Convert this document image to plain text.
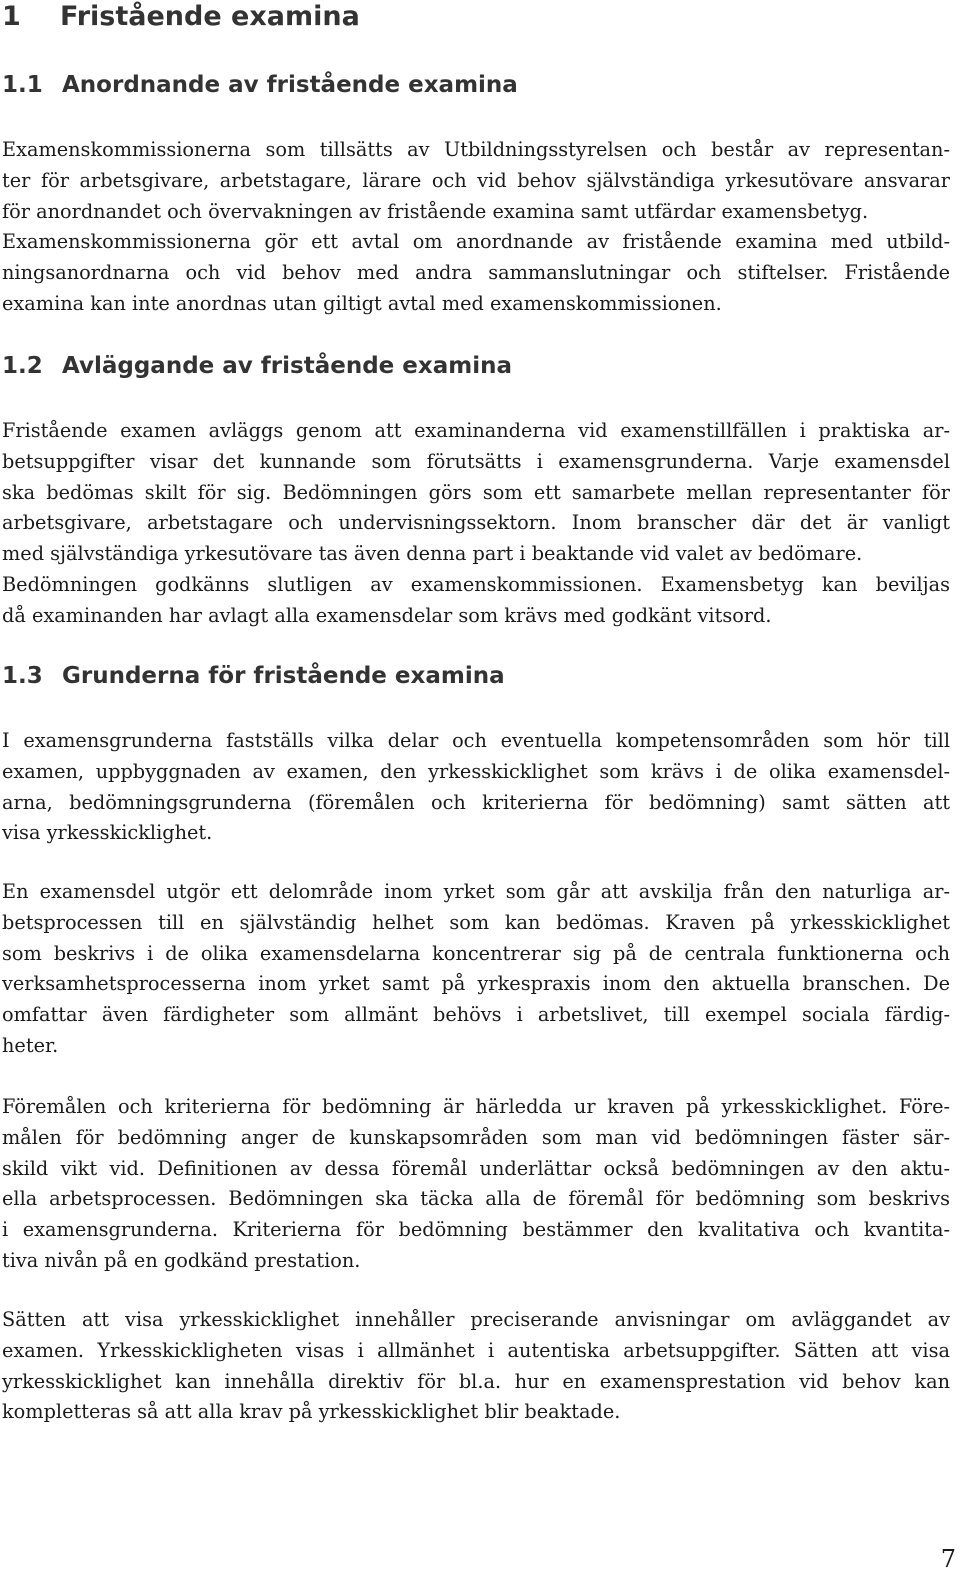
1 Fristående examina
1.1 Anordnande av fristående examina

Examenskommissionerna som tillsätts av Utbildningsstyrelsen och består av representan-
ter för arbetsgivare, arbetstagare, lärare och vid behov självständiga yrkesutövare ansvarar
för anordnandet och övervakningen av fristående examina samt utfärdar examensbetyg.
Examenskommissionerna gör ett avtal om anordnande av fristående examina med utbild-
ningsanordnarna och vid behov med andra sammanslutningar och stiftelser. Fristående
examina kan inte anordnas utan giltigt avtal med examenskommissionen.

1.2 Avläggande av fristående examina

Fristående examen avläggs genom att examinanderna vid examenstillfällen i praktiska ar-
betsuppgifter visar det kunnande som förutsätts i examensgrunderna. Varje examensdel
ska bedömas skilt för sig. Bedömningen görs som ett samarbete mellan representanter för
arbetsgivare, arbetstagare och undervisningssektorn. Inom branscher där det är vanligt
med självständiga yrkesutövare tas även denna part i beaktande vid valet av bedömare.
Bedömningen godkänns slutligen av examenskommissionen. Examensbetyg kan beviljas
då examinanden har avlagt alla examensdelar som krävs med godkänt vitsord.

1.3 Grunderna för fristående examina

I examensgrunderna fastställs vilka delar och eventuella kompetensområden som hör till
examen, uppbyggnaden av examen, den yrkesskicklighet som krävs i de olika examensdel-
arna, bedömningsgrunderna (föremålen och kriterierna för bedömning) samt sätten att
visa yrkesskicklighet.

En examensdel utgör ett delområde inom yrket som går att avskilja från den naturliga ar-
betsprocessen till en självständig helhet som kan bedömas. Kraven på yrkesskicklighet
som beskrivs i de olika examensdelarna koncentrerar sig på de centrala funktionerna och
verksamhetsprocesserna inom yrket samt på yrkespraxis inom den aktuella branschen. De
omfattar även färdigheter som allmänt behövs i arbetslivet, till exempel sociala färdig-
heter.

Föremålen och kriterierna för bedömning är härledda ur kraven på yrkesskicklighet. Före-
målen för bedömning anger de kunskapsområden som man vid bedömningen fäster sär-
skild vikt vid. Definitionen av dessa föremål underlättar också bedömningen av den aktu-
ella arbetsprocessen. Bedömningen ska täcka alla de föremål för bedömning som beskrivs
i examensgrunderna. Kriterierna för bedömning bestämmer den kvalitativa och kvantita-
tiva nivån på en godkänd prestation.

Sätten att visa yrkesskicklighet innehåller preciserande anvisningar om avläggandet av
examen. Yrkesskickligheten visas i allmänhet i autentiska arbetsuppgifter. Sätten att visa
yrkesskicklighet kan innehålla direktiv för bl.a. hur en examensprestation vid behov kan
kompletteras så att alla krav på yrkesskicklighet blir beaktade.

7
